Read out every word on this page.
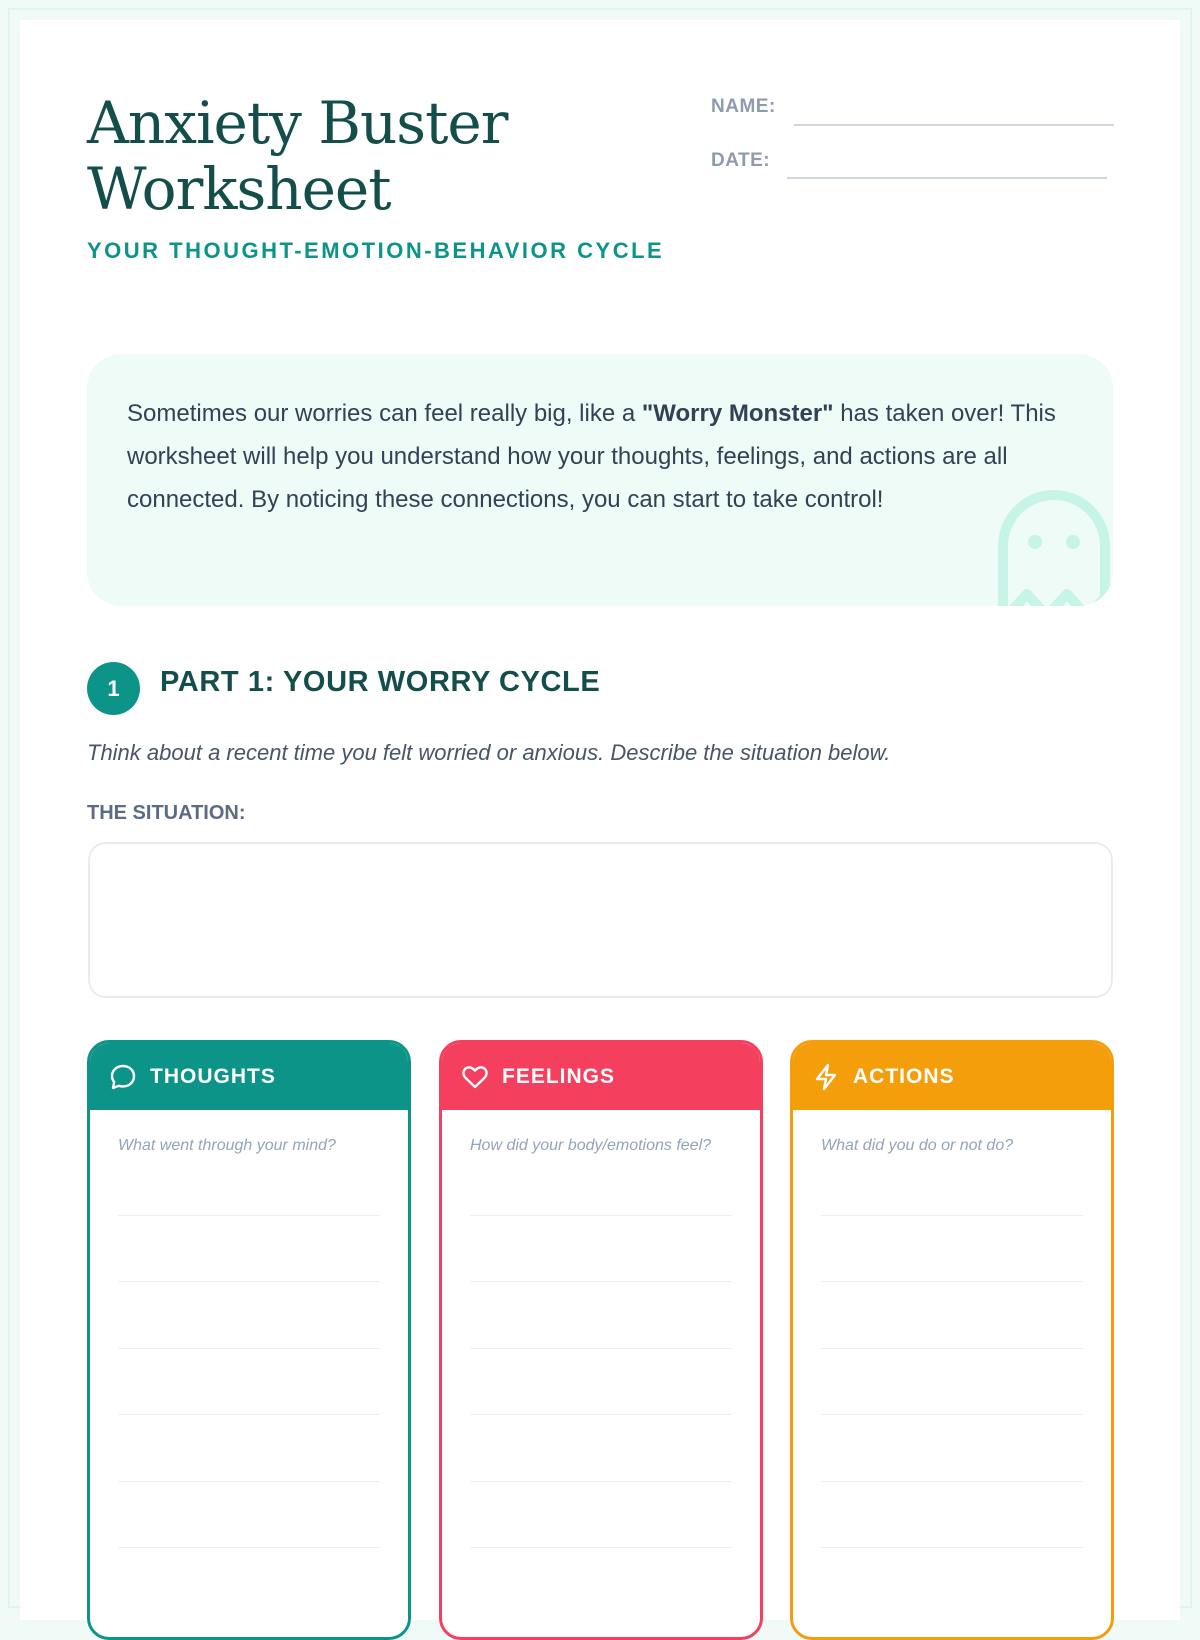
Anxiety Buster
Worksheet

YOUR THOUGHT-EMOTION-BEHAVIOR CYCLE

NAME:
DATE:

Sometimes our worries can feel really big, like a "Worry Monster" has taken over! This worksheet will help you understand how your thoughts, feelings, and actions are all connected. By noticing these connections, you can start to take control!

1	PART 1: YOUR WORRY CYCLE

Think about a recent time you felt worried or anxious. Describe the situation below.

THE SITUATION:
THOUGHTS

What went through your mind?

FEELINGS

How did your body/emotions feel?

ACTIONS

What did you do or not do?
